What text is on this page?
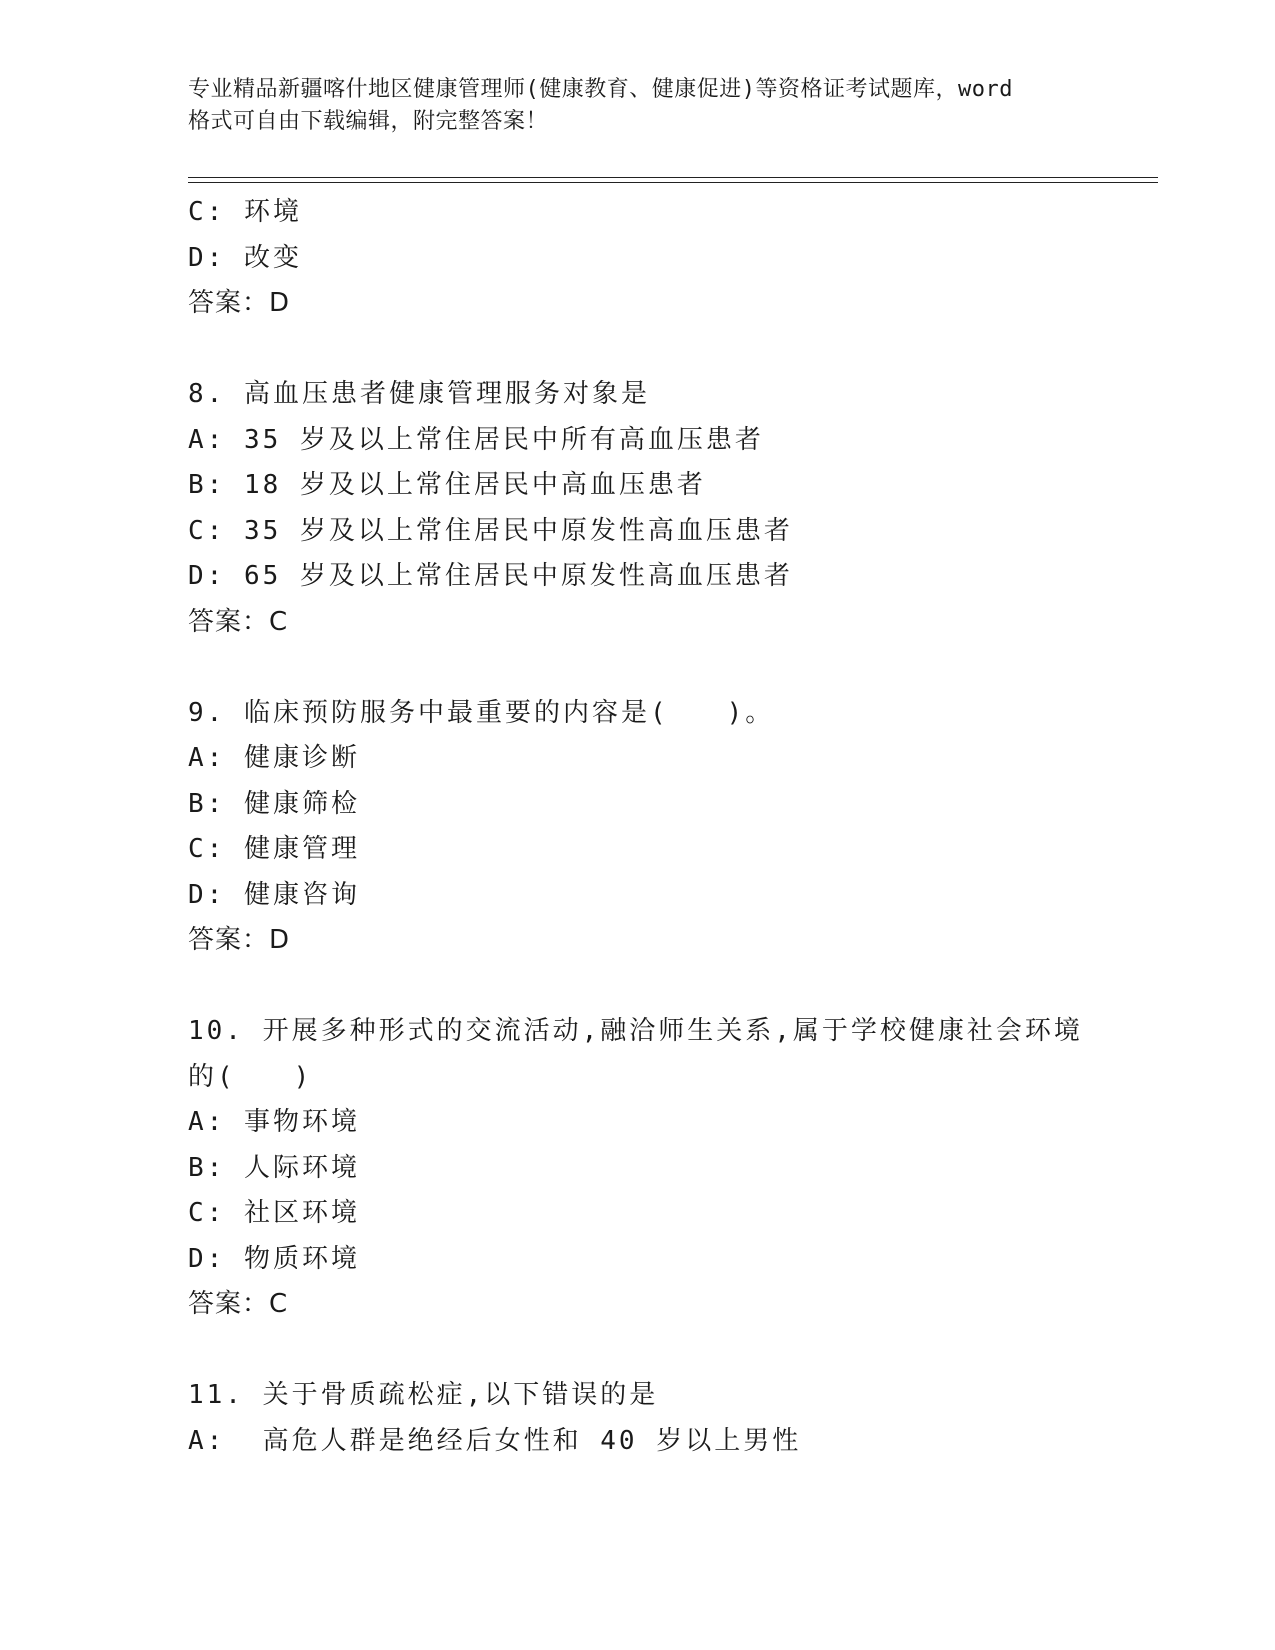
专业精品新疆喀什地区健康管理师(健康教育、健康促进)等资格证考试题库，word
格式可自由下载编辑，附完整答案！
C: 环境
D: 改变
答案：D
8. 高血压患者健康管理服务对象是
A: 35 岁及以上常住居民中所有高血压患者
B: 18 岁及以上常住居民中高血压患者
C: 35 岁及以上常住居民中原发性高血压患者
D: 65 岁及以上常住居民中原发性高血压患者
答案：C
9. 临床预防服务中最重要的内容是(　　)。
A: 健康诊断
B: 健康筛检
C: 健康管理
D: 健康咨询
答案：D
10. 开展多种形式的交流活动,融洽师生关系,属于学校健康社会环境
的(　　)
A: 事物环境
B: 人际环境
C: 社区环境
D: 物质环境
答案：C
11. 关于骨质疏松症,以下错误的是
A:  高危人群是绝经后女性和 40 岁以上男性
